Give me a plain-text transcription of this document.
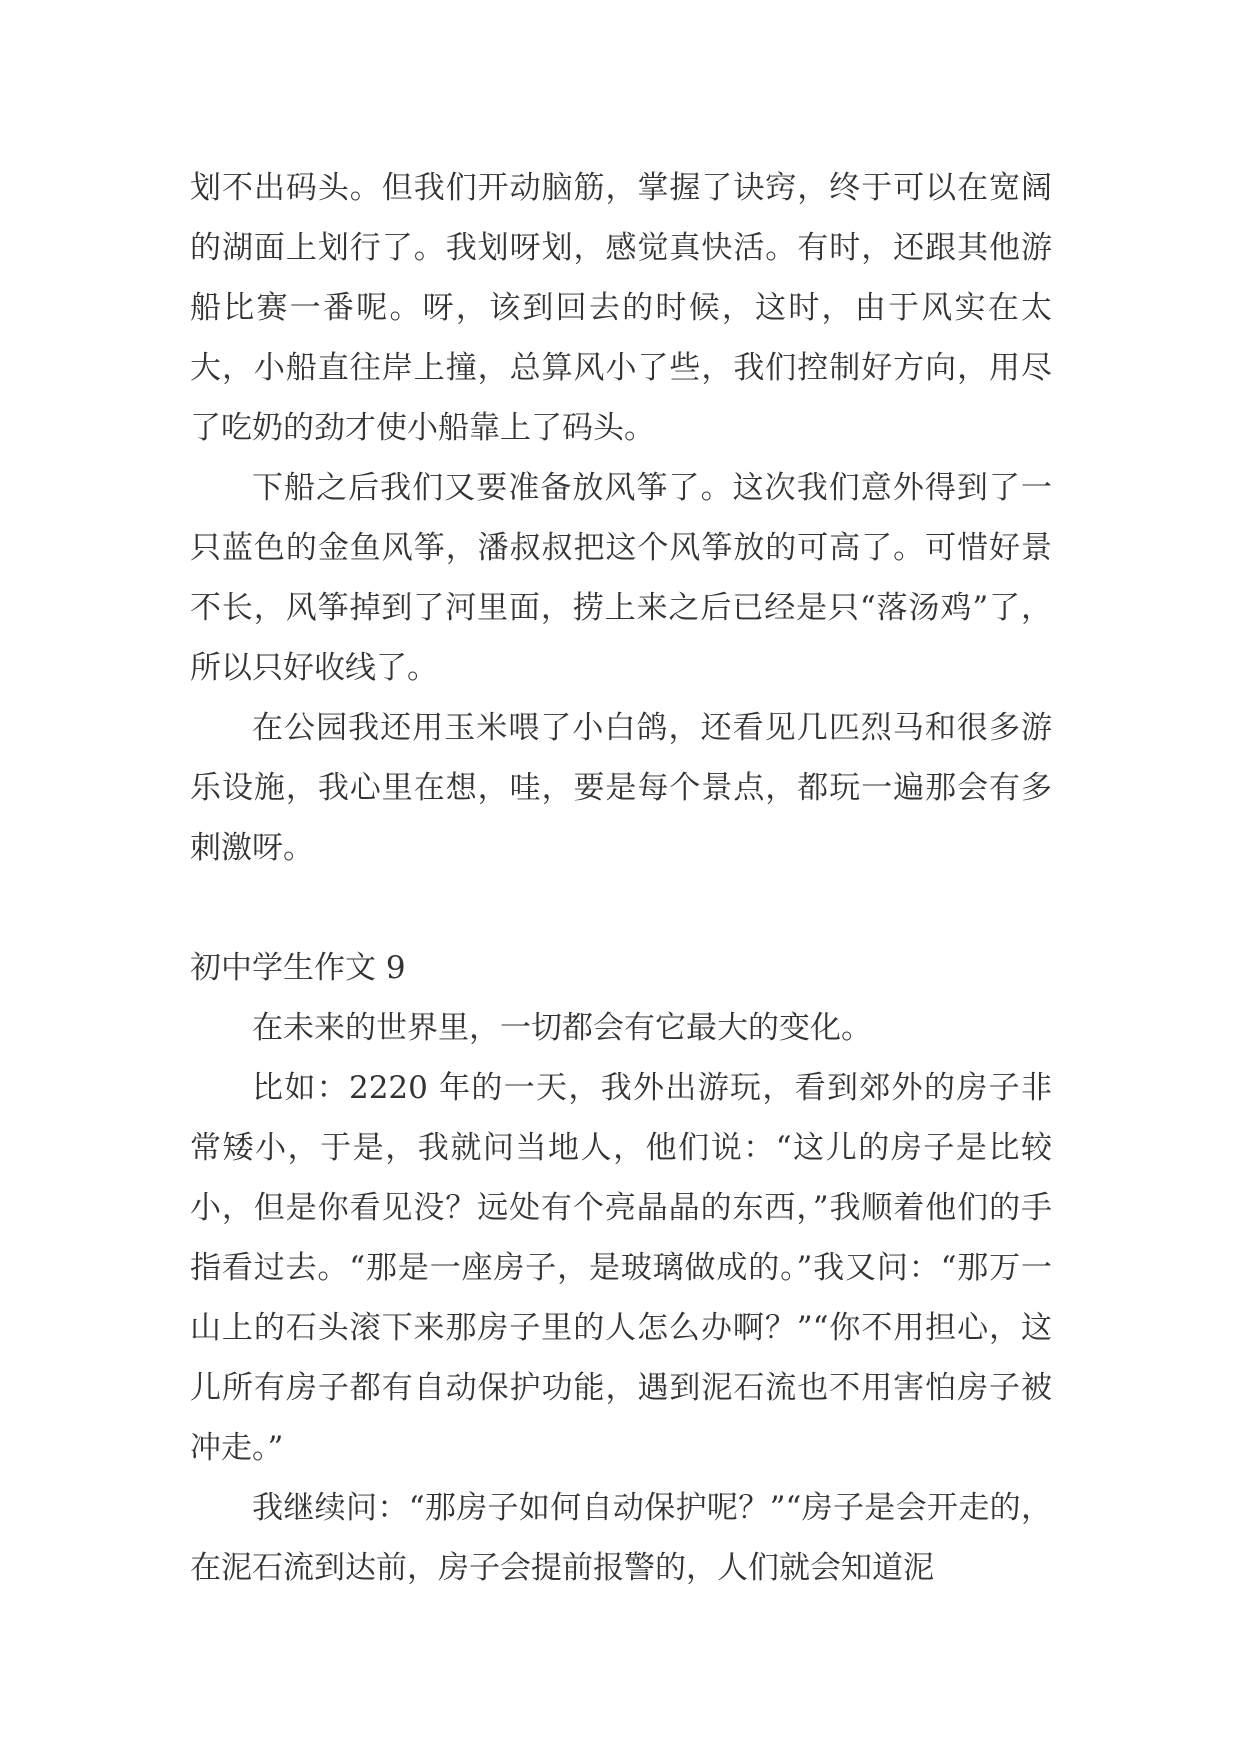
划不出码头。但我们开动脑筋，掌握了诀窍，终于可以在宽阔的湖面上划行了。我划呀划，感觉真快活。有时，还跟其他游船比赛一番呢。呀，该到回去的时候，这时，由于风实在太大，小船直往岸上撞，总算风小了些，我们控制好方向，用尽了吃奶的劲才使小船靠上了码头。

下船之后我们又要准备放风筝了。这次我们意外得到了一只蓝色的金鱼风筝，潘叔叔把这个风筝放的可高了。可惜好景不长，风筝掉到了河里面，捞上来之后已经是只“落汤鸡”了，所以只好收线了。

在公园我还用玉米喂了小白鸽，还看见几匹烈马和很多游乐设施，我心里在想，哇，要是每个景点，都玩一遍那会有多刺激呀。

初中学生作文 9

在未来的世界里，一切都会有它最大的变化。

比如：2220 年的一天，我外出游玩，看到郊外的房子非常矮小，于是，我就问当地人，他们说：“这儿的房子是比较小，但是你看见没？远处有个亮晶晶的东西，”我顺着他们的手指看过去。“那是一座房子，是玻璃做成的。”我又问：“那万一山上的石头滚下来那房子里的人怎么办啊？”“你不用担心，这儿所有房子都有自动保护功能，遇到泥石流也不用害怕房子被冲走。”

我继续问：“那房子如何自动保护呢？”“房子是会开走的，在泥石流到达前，房子会提前报警的，人们就会知道泥
